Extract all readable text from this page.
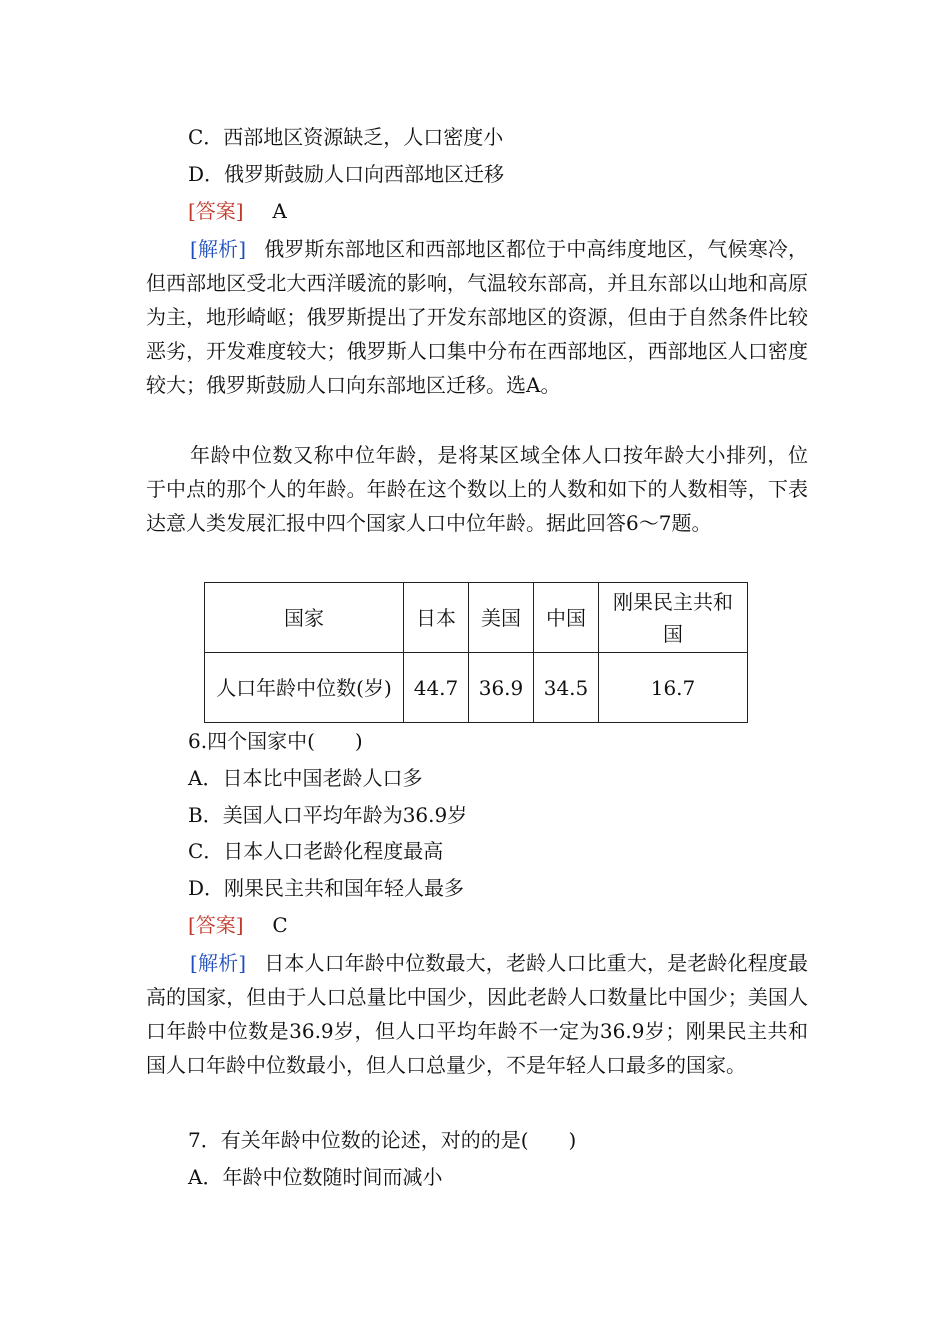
C．西部地区资源缺乏，人口密度小
D．俄罗斯鼓励人口向西部地区迁移
[答案] A
[解析] 俄罗斯东部地区和西部地区都位于中高纬度地区，气候寒冷，但西部地区受北大西洋暖流的影响，气温较东部高，并且东部以山地和高原为主，地形崎岖；俄罗斯提出了开发东部地区的资源，但由于自然条件比较恶劣，开发难度较大；俄罗斯人口集中分布在西部地区，西部地区人口密度较大；俄罗斯鼓励人口向东部地区迁移。选A。
年龄中位数又称中位年龄，是将某区域全体人口按年龄大小排列，位于中点的那个人的年龄。年龄在这个数以上的人数和如下的人数相等，下表达意人类发展汇报中四个国家人口中位年龄。据此回答6～7题。
国家	日本	美国	中国	刚果民主共和国
人口年龄中位数(岁)	44.7	36.9	34.5	16.7
6.四个国家中(　　)
A．日本比中国老龄人口多
B．美国人口平均年龄为36.9岁
C．日本人口老龄化程度最高
D．刚果民主共和国年轻人最多
[答案] C
[解析] 日本人口年龄中位数最大，老龄人口比重大，是老龄化程度最高的国家，但由于人口总量比中国少，因此老龄人口数量比中国少；美国人口年龄中位数是36.9岁，但人口平均年龄不一定为36.9岁；刚果民主共和国人口年龄中位数最小，但人口总量少，不是年轻人口最多的国家。
7．有关年龄中位数的论述，对的的是(　　)
A．年龄中位数随时间而减小
